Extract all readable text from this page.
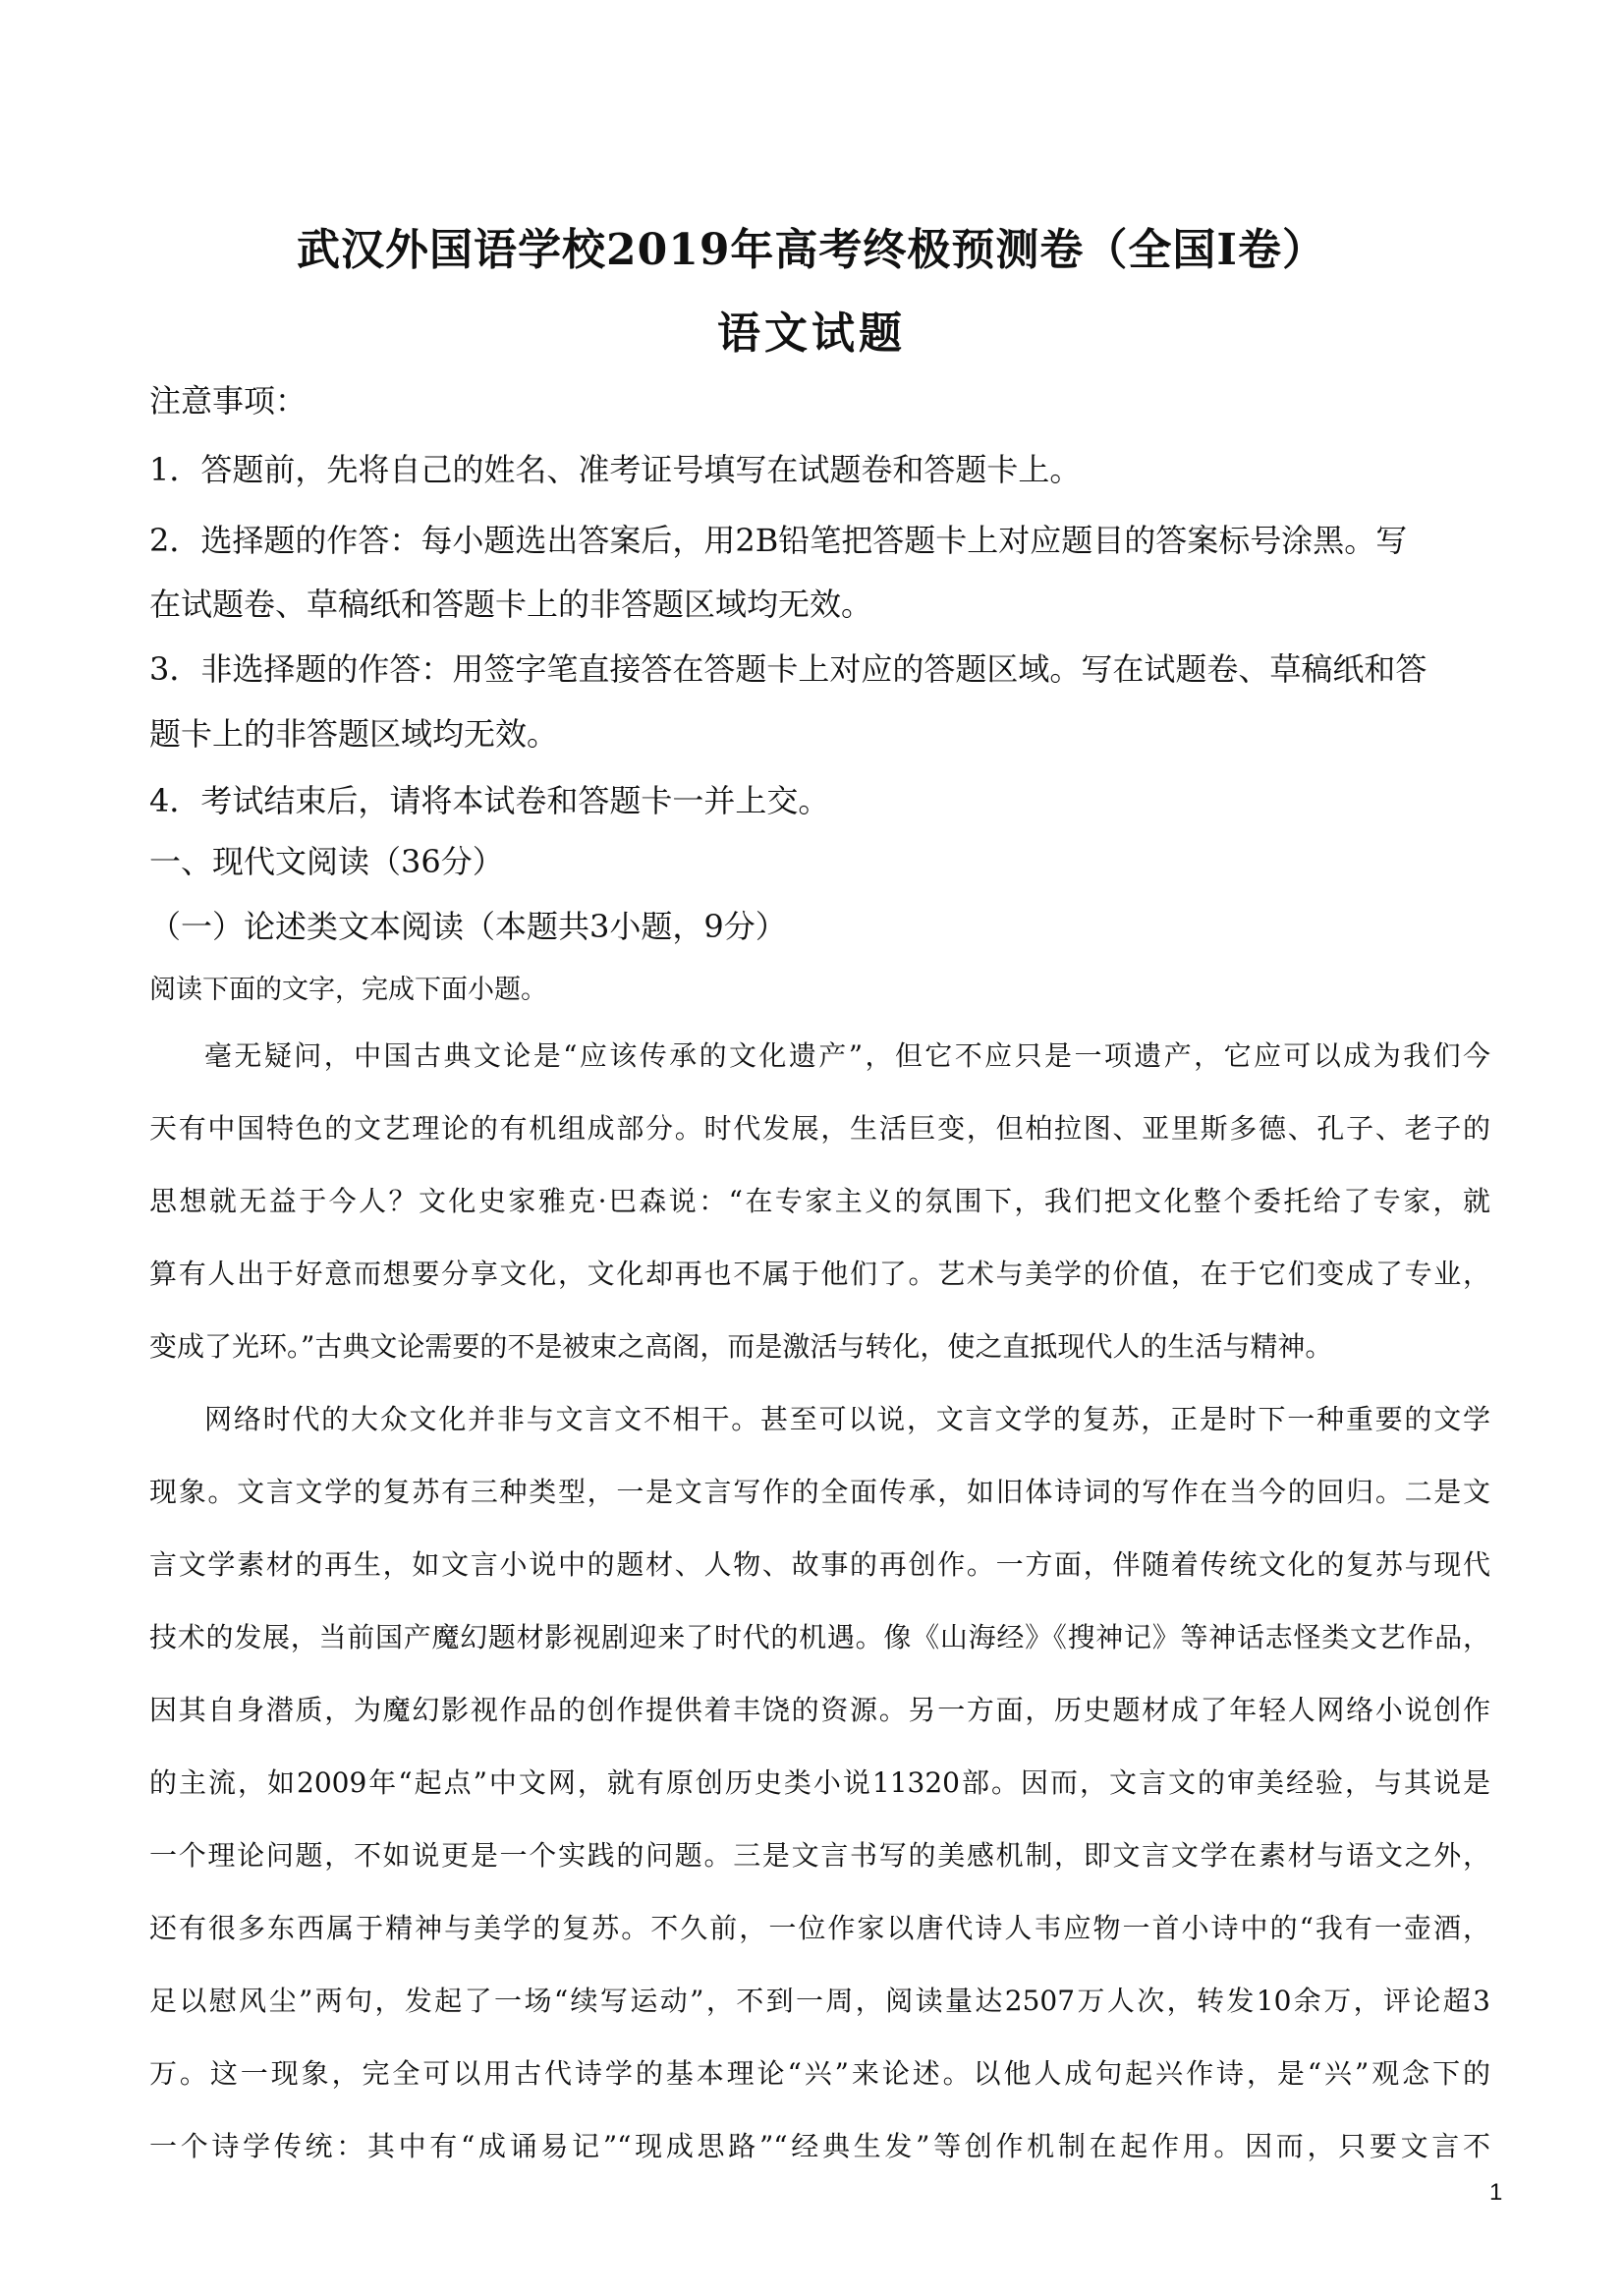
武汉外国语学校2019年高考终极预测卷（全国I卷）
语文试题
注意事项：
1．答题前，先将自己的姓名、准考证号填写在试题卷和答题卡上。
2．选择题的作答：每小题选出答案后，用2B铅笔把答题卡上对应题目的答案标号涂黑。写
在试题卷、草稿纸和答题卡上的非答题区域均无效。
3．非选择题的作答：用签字笔直接答在答题卡上对应的答题区域。写在试题卷、草稿纸和答
题卡上的非答题区域均无效。
4．考试结束后，请将本试卷和答题卡一并上交。
一、现代文阅读（36分）
（一）论述类文本阅读（本题共3小题，9分）
阅读下面的文字，完成下面小题。
毫无疑问，中国古典文论是“应该传承的文化遗产”，但它不应只是一项遗产，它应可以成为我们今
天有中国特色的文艺理论的有机组成部分。时代发展，生活巨变，但柏拉图、亚里斯多德、孔子、老子的
思想就无益于今人？文化史家雅克·巴森说：“在专家主义的氛围下，我们把文化整个委托给了专家，就
算有人出于好意而想要分享文化，文化却再也不属于他们了。艺术与美学的价值，在于它们变成了专业，
变成了光环。”古典文论需要的不是被束之高阁，而是激活与转化，使之直抵现代人的生活与精神。
网络时代的大众文化并非与文言文不相干。甚至可以说，文言文学的复苏，正是时下一种重要的文学
现象。文言文学的复苏有三种类型，一是文言写作的全面传承，如旧体诗词的写作在当今的回归。二是文
言文学素材的再生，如文言小说中的题材、人物、故事的再创作。一方面，伴随着传统文化的复苏与现代
技术的发展，当前国产魔幻题材影视剧迎来了时代的机遇。像《山海经》《搜神记》等神话志怪类文艺作品，
因其自身潜质，为魔幻影视作品的创作提供着丰饶的资源。另一方面，历史题材成了年轻人网络小说创作
的主流，如2009年“起点”中文网，就有原创历史类小说11320部。因而，文言文的审美经验，与其说是
一个理论问题，不如说更是一个实践的问题。三是文言书写的美感机制，即文言文学在素材与语文之外，
还有很多东西属于精神与美学的复苏。不久前，一位作家以唐代诗人韦应物一首小诗中的“我有一壶酒，
足以慰风尘”两句，发起了一场“续写运动”，不到一周，阅读量达2507万人次，转发10余万，评论超3
万。这一现象，完全可以用古代诗学的基本理论“兴”来论述。以他人成句起兴作诗，是“兴”观念下的
一个诗学传统：其中有“成诵易记”“现成思路”“经典生发”等创作机制在起作用。因而，只要文言不
1
